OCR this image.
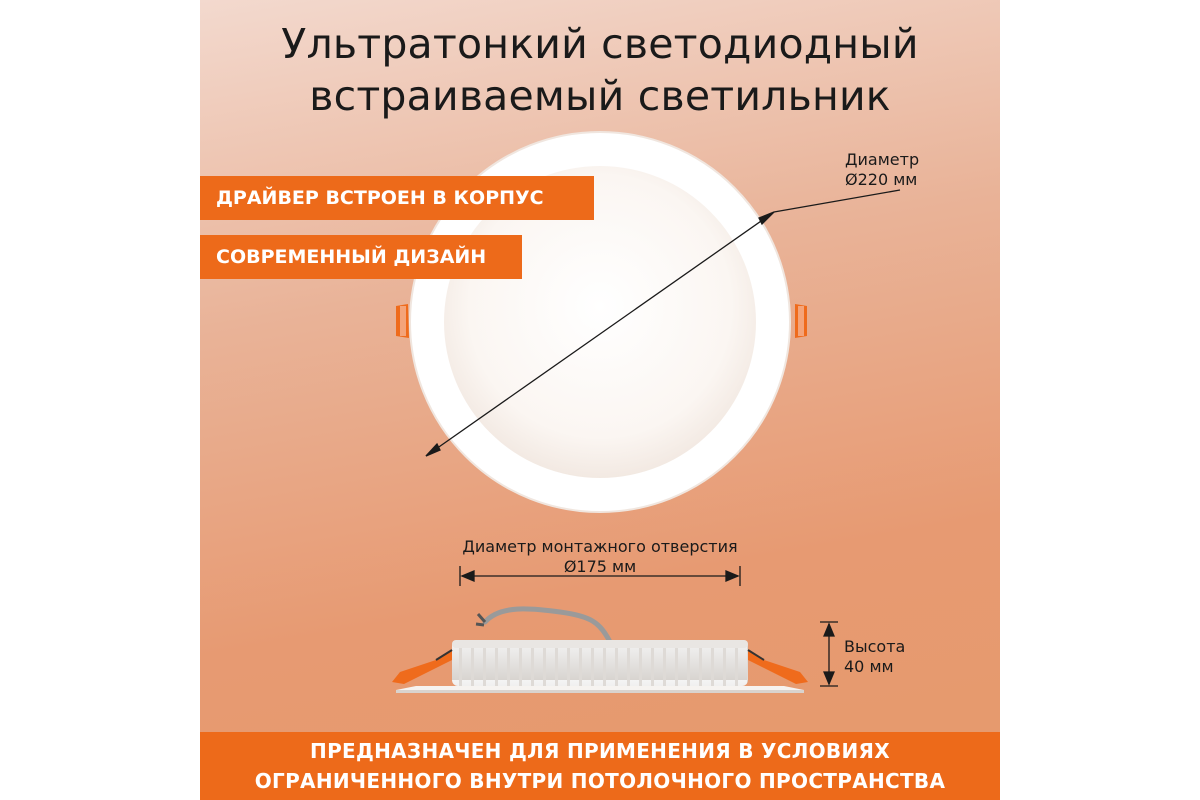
Ультратонкий светодиодный
встраиваемый светильник
ДРАЙВЕР ВСТРОЕН В КОРПУС
СОВРЕМЕННЫЙ ДИЗАЙН
Диаметр
Ø220 мм
Диаметр монтажного отверстия
Ø175 мм
Высота
40 мм
ПРЕДНАЗНАЧЕН ДЛЯ ПРИМЕНЕНИЯ В УСЛОВИЯХ
ОГРАНИЧЕННОГО ВНУТРИ ПОТОЛОЧНОГО ПРОСТРАНСТВА
